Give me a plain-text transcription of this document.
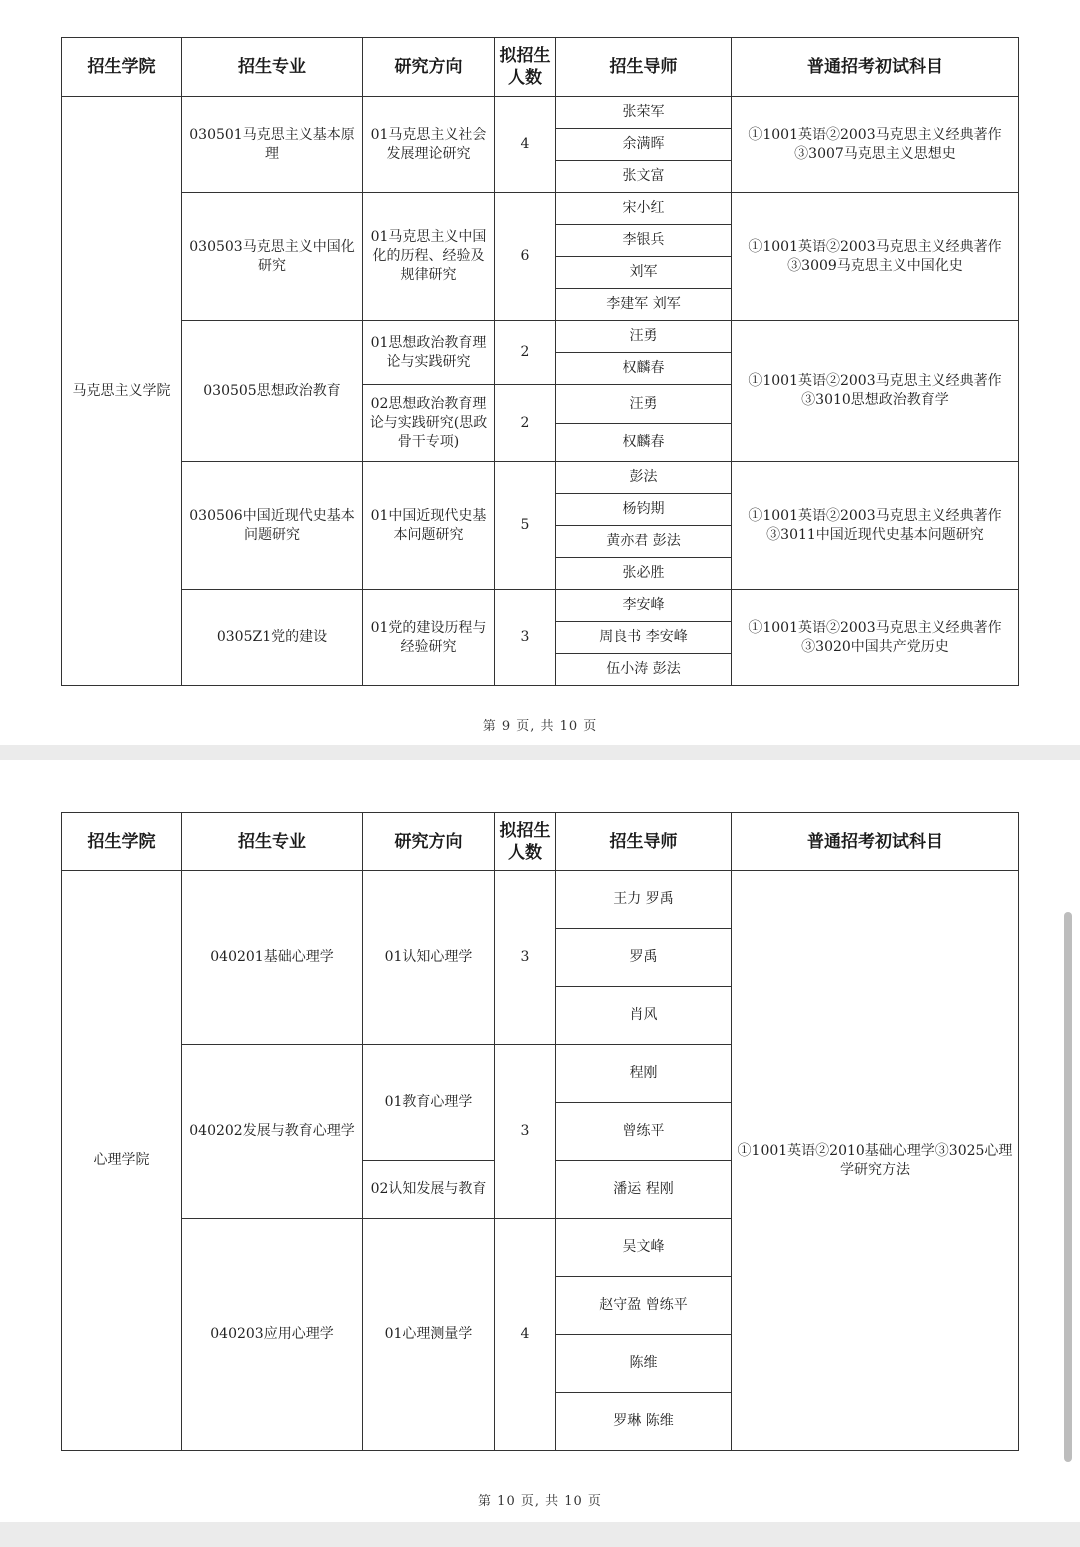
招生学院	招生专业	研究方向	拟招生人数	招生导师	普通招考初试科目
马克思主义学院	030501马克思主义基本原理	01马克思主义社会发展理论研究	4	张荣军	①1001英语②2003马克思主义经典著作③3007马克思主义思想史
				余满晖	
				张文富	
	030503马克思主义中国化研究	01马克思主义中国化的历程、经验及规律研究	6	宋小红	①1001英语②2003马克思主义经典著作③3009马克思主义中国化史
				李银兵	
				刘军	
				李建军 刘军	
	030505思想政治教育	01思想政治教育理论与实践研究	2	汪勇	①1001英语②2003马克思主义经典著作③3010思想政治教育学
				权麟春	
		02思想政治教育理论与实践研究(思政骨干专项)	2	汪勇	
				权麟春	
	030506中国近现代史基本问题研究	01中国近现代史基本问题研究	5	彭法	①1001英语②2003马克思主义经典著作③3011中国近现代史基本问题研究
				杨钧期	
				黄亦君 彭法	
				张必胜	
	0305Z1党的建设	01党的建设历程与经验研究	3	李安峰	①1001英语②2003马克思主义经典著作③3020中国共产党历史
				周良书 李安峰	
				伍小涛 彭法	
第 9 页, 共 10 页
招生学院	招生专业	研究方向	拟招生人数	招生导师	普通招考初试科目
心理学院	040201基础心理学	01认知心理学	3	王力 罗禹	①1001英语②2010基础心理学③3025心理学研究方法
				罗禹	
				肖风	
	040202发展与教育心理学	01教育心理学	3	程刚	
				曾练平	
		02认知发展与教育		潘运 程刚	
	040203应用心理学	01心理测量学	4	吴文峰	
				赵守盈 曾练平	
				陈维	
				罗琳 陈维	
第 10 页, 共 10 页
